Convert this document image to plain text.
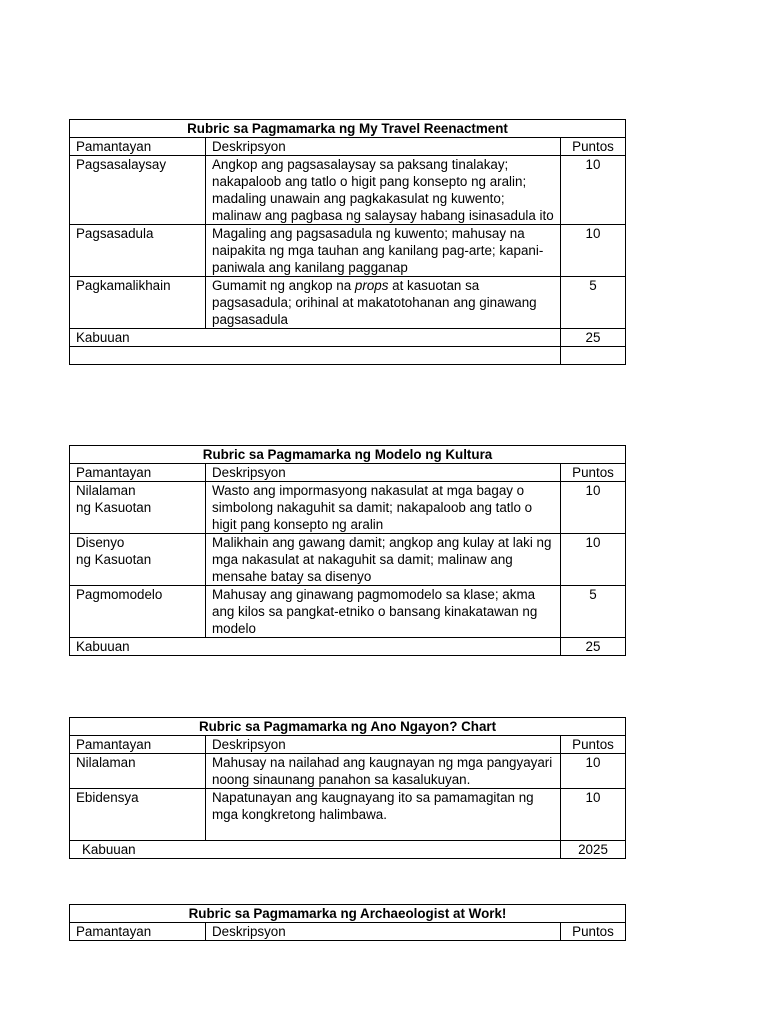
Rubric sa Pagmamarka ng My Travel Reenactment		
Pamantayan	Deskripsyon	Puntos
Pagsasalaysay	Angkop ang pagsasalaysay sa paksang tinalakay; nakapaloob ang tatlo o higit pang konsepto ng aralin; madaling unawain ang pagkakasulat ng kuwento; malinaw ang pagbasa ng salaysay habang isinasadula ito	10
Pagsasadula	Magaling ang pagsasadula ng kuwento; mahusay na naipakita ng mga tauhan ang kanilang pag-arte; kapani-paniwala ang kanilang pagganap	10
Pagkamalikhain	Gumamit ng angkop na props at kasuotan sa pagsasadula; orihinal at makatotohanan ang ginawang pagsasadula	5
Kabuuan		25

Rubric sa Pagmamarka ng Modelo ng Kultura		
Pamantayan	Deskripsyon	Puntos
Nilalaman
ng Kasuotan	Wasto ang impormasyong nakasulat at mga bagay o simbolong nakaguhit sa damit; nakapaloob ang tatlo o higit pang konsepto ng aralin	10
Disenyo
ng Kasuotan	Malikhain ang gawang damit; angkop ang kulay at laki ng mga nakasulat at nakaguhit sa damit; malinaw ang mensahe batay sa disenyo	10
Pagmomodelo	Mahusay ang ginawang pagmomodelo sa klase; akma ang kilos sa pangkat-etniko o bansang kinakatawan ng modelo	5
Kabuuan		25
Rubric sa Pagmamarka ng Ano Ngayon? Chart		
Pamantayan	Deskripsyon	Puntos
Nilalaman	Mahusay na nailahad ang kaugnayan ng mga pangyayari noong sinaunang panahon sa kasalukuyan.	10
Ebidensya	Napatunayan ang kaugnayang ito sa pamamagitan ng mga kongkretong halimbawa.	10
Kabuuan		2025
Rubric sa Pagmamarka ng Archaeologist at Work!
Pamantayan	Deskripsyon	Puntos
